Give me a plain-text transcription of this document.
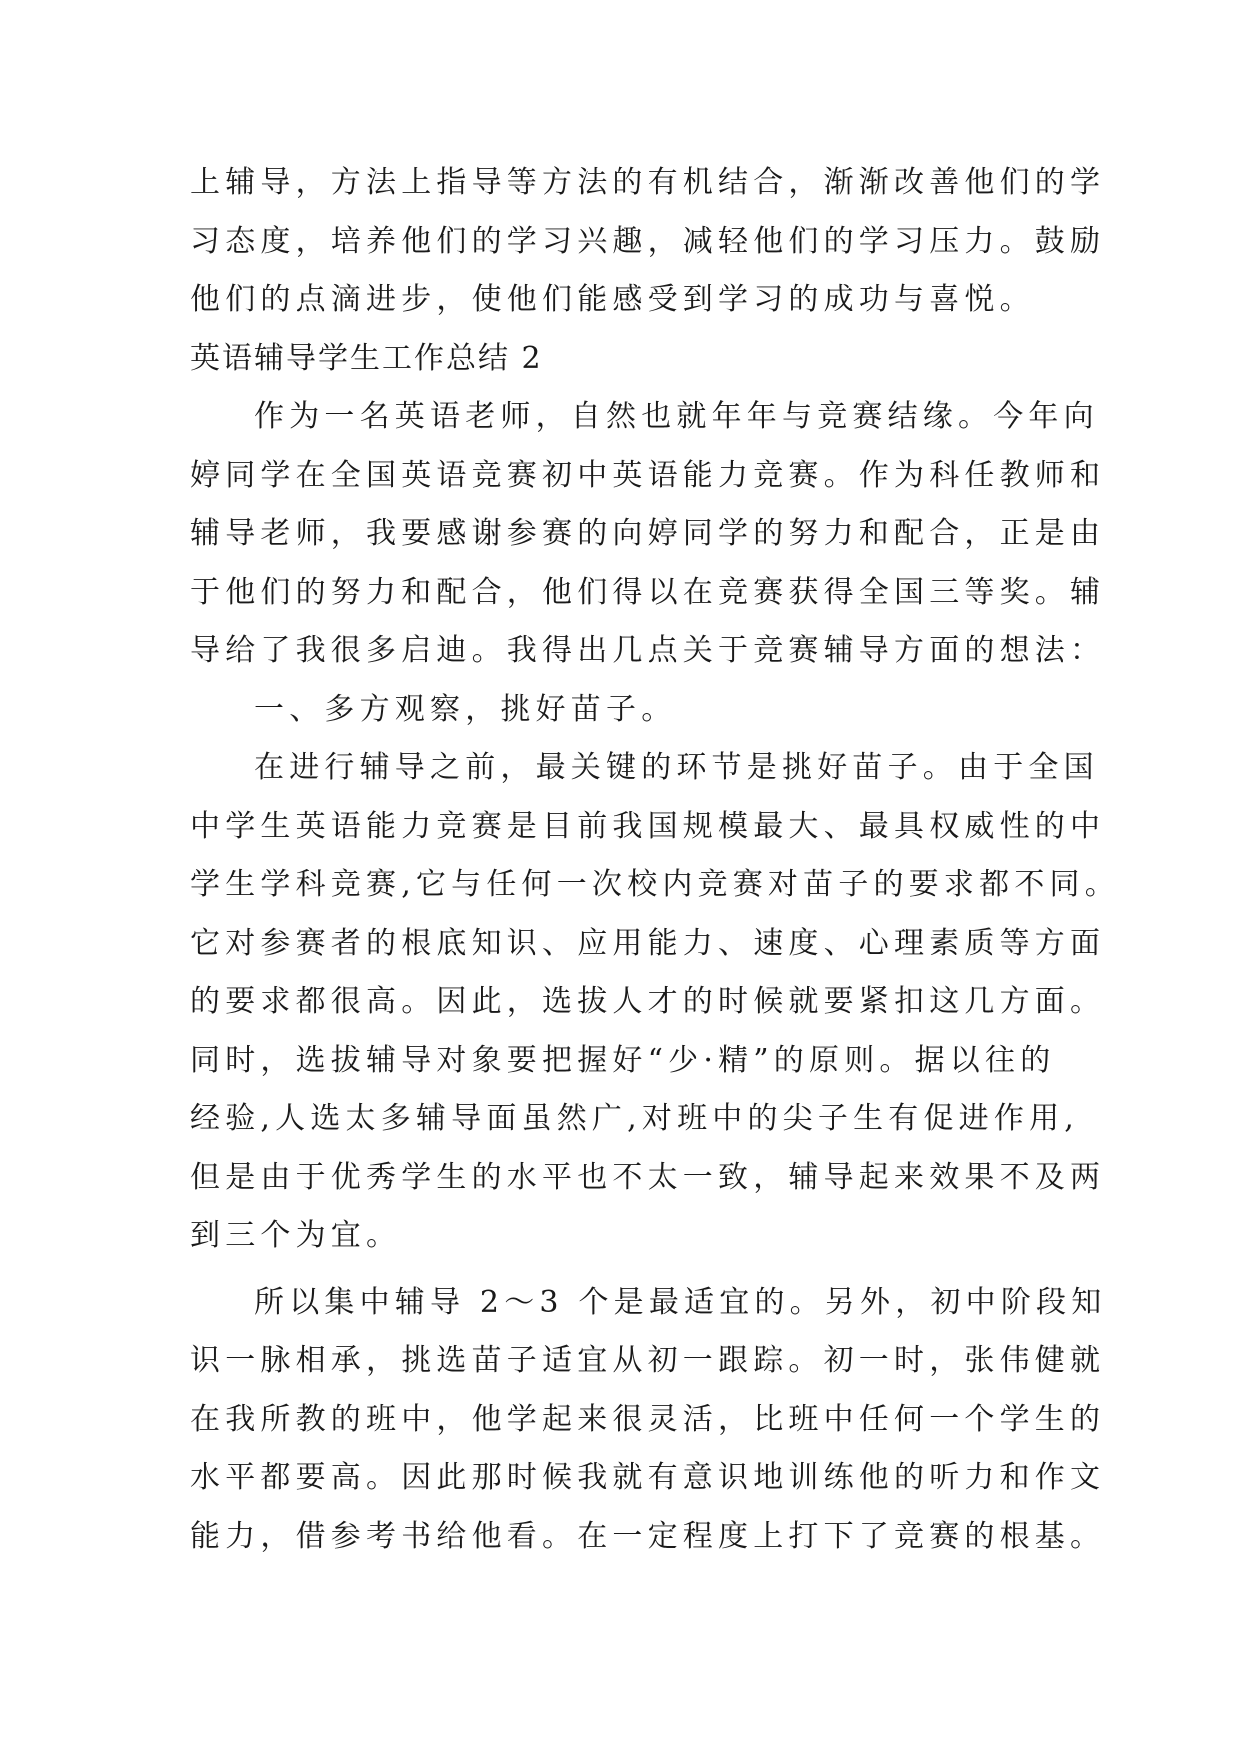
上辅导，方法上指导等方法的有机结合，渐渐改善他们的学
习态度，培养他们的学习兴趣，减轻他们的学习压力。鼓励
他们的点滴进步，使他们能感受到学习的成功与喜悦。
英语辅导学生工作总结 2
作为一名英语老师，自然也就年年与竞赛结缘。今年向
婷同学在全国英语竞赛初中英语能力竞赛。作为科任教师和
辅导老师，我要感谢参赛的向婷同学的努力和配合，正是由
于他们的努力和配合，他们得以在竞赛获得全国三等奖。辅
导给了我很多启迪。我得出几点关于竞赛辅导方面的想法：
一、多方观察，挑好苗子。
在进行辅导之前，最关键的环节是挑好苗子。由于全国
中学生英语能力竞赛是目前我国规模最大、最具权威性的中
学生学科竞赛,它与任何一次校内竞赛对苗子的要求都不同。
它对参赛者的根底知识、应用能力、速度、心理素质等方面
的要求都很高。因此，选拔人才的时候就要紧扣这几方面。
同时，选拔辅导对象要把握好“少·精”的原则。据以往的
经验,人选太多辅导面虽然广,对班中的尖子生有促进作用,
但是由于优秀学生的水平也不太一致，辅导起来效果不及两
到三个为宜。
所以集中辅导 2～3 个是最适宜的。另外，初中阶段知
识一脉相承，挑选苗子适宜从初一跟踪。初一时，张伟健就
在我所教的班中，他学起来很灵活，比班中任何一个学生的
水平都要高。因此那时候我就有意识地训练他的听力和作文
能力，借参考书给他看。在一定程度上打下了竞赛的根基。
